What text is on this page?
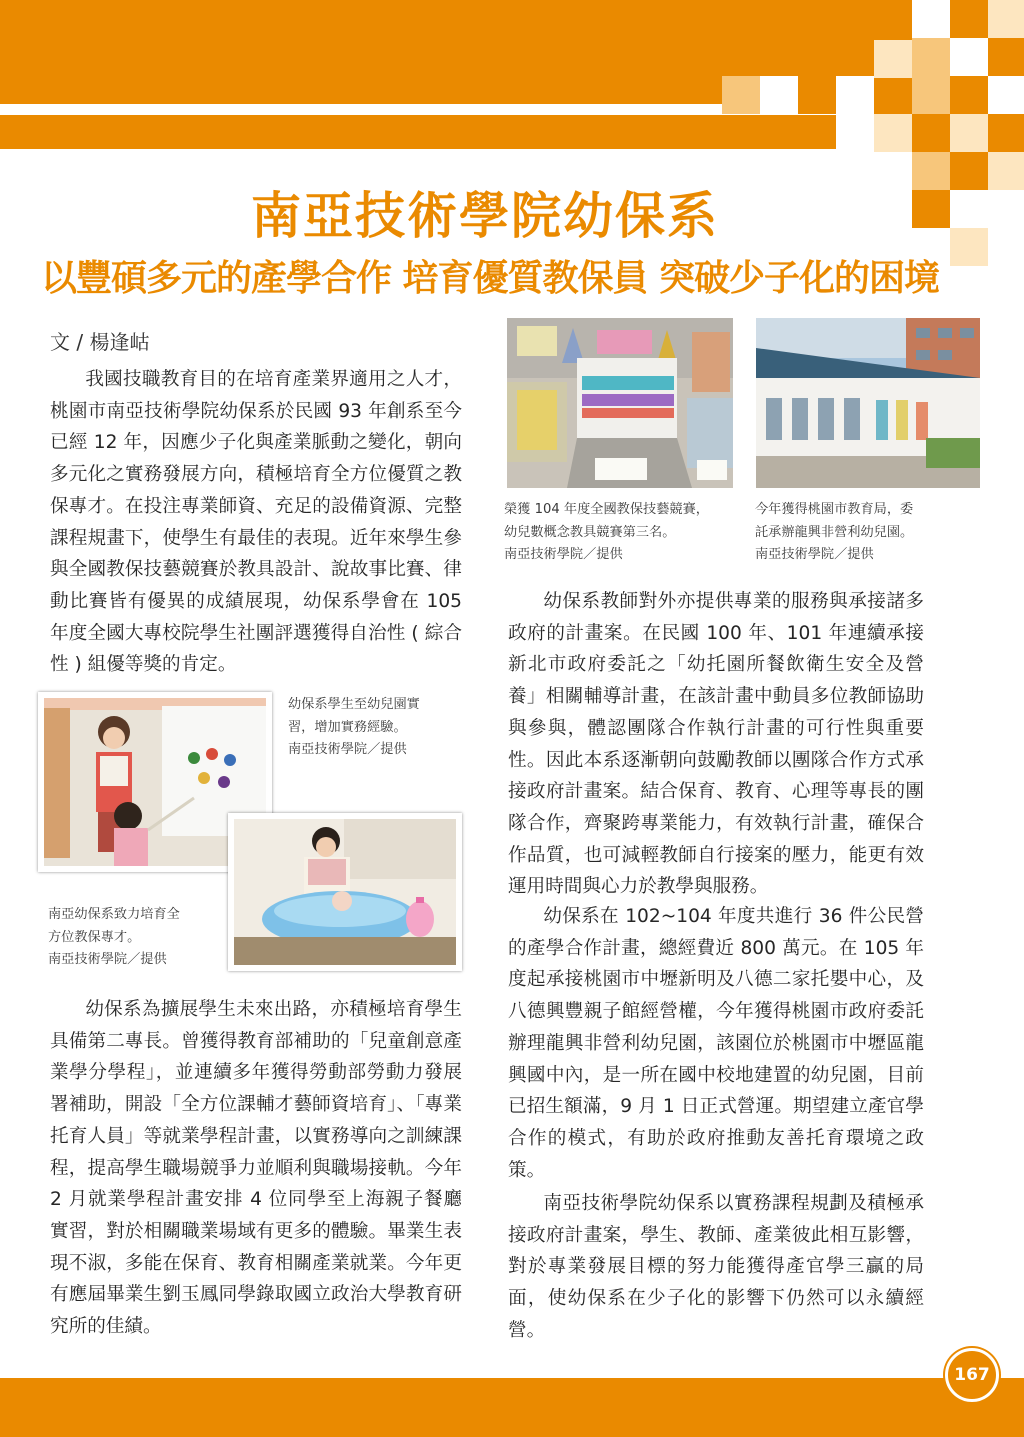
南亞技術學院幼保系
以豐碩多元的產學合作 培育優質教保員 突破少子化的困境
文 / 楊逢岵

我國技職教育目的在培育產業界適用之人才，桃園市南亞技術學院幼保系於民國 93 年創系至今已經 12 年，因應少子化與產業脈動之變化，朝向多元化之實務發展方向，積極培育全方位優質之教保專才。在投注專業師資、充足的設備資源、完整課程規畫下，使學生有最佳的表現。近年來學生參與全國教保技藝競賽於教具設計、說故事比賽、律動比賽皆有優異的成績展現，幼保系學會在 105 年度全國大專校院學生社團評選獲得自治性 ( 綜合性 ) 組優等獎的肯定。

榮獲 104 年度全國教保技藝競賽，
幼兒數概念教具競賽第三名。
南亞技術學院／提供
今年獲得桃園市教育局，委
託承辦龍興非營利幼兒園。
南亞技術學院／提供
幼保系學生至幼兒園實
習，增加實務經驗。
南亞技術學院／提供
南亞幼保系致力培育全
方位教保專才。
南亞技術學院／提供

幼保系為擴展學生未來出路，亦積極培育學生具備第二專長。曾獲得教育部補助的「兒童創意產業學分學程」，並連續多年獲得勞動部勞動力發展署補助，開設「全方位課輔才藝師資培育」、「專業托育人員」等就業學程計畫，以實務導向之訓練課程，提高學生職場競爭力並順利與職場接軌。今年 2 月就業學程計畫安排 4 位同學至上海親子餐廳實習，對於相關職業場域有更多的體驗。畢業生表現不淑，多能在保育、教育相關產業就業。今年更有應屆畢業生劉玉鳳同學錄取國立政治大學教育研究所的佳績。

幼保系教師對外亦提供專業的服務與承接諸多政府的計畫案。在民國 100 年、101 年連續承接新北市政府委託之「幼托園所餐飲衛生安全及營養」相關輔導計畫，在該計畫中動員多位教師協助與參與，體認團隊合作執行計畫的可行性與重要性。因此本系逐漸朝向鼓勵教師以團隊合作方式承接政府計畫案。結合保育、教育、心理等專長的團隊合作，齊聚跨專業能力，有效執行計畫，確保合作品質，也可減輕教師自行接案的壓力，能更有效運用時間與心力於教學與服務。

幼保系在 102~104 年度共進行 36 件公民營的產學合作計畫，總經費近 800 萬元。在 105 年度起承接桃園市中壢新明及八德二家托嬰中心，及八德興豐親子館經營權，今年獲得桃園市政府委託辦理龍興非營利幼兒園，該園位於桃園市中壢區龍興國中內，是一所在國中校地建置的幼兒園，目前已招生額滿，9 月 1 日正式營運。期望建立產官學合作的模式，有助於政府推動友善托育環境之政策。

南亞技術學院幼保系以實務課程規劃及積極承接政府計畫案，學生、教師、產業彼此相互影響，對於專業發展目標的努力能獲得產官學三贏的局面，使幼保系在少子化的影響下仍然可以永續經營。

167
